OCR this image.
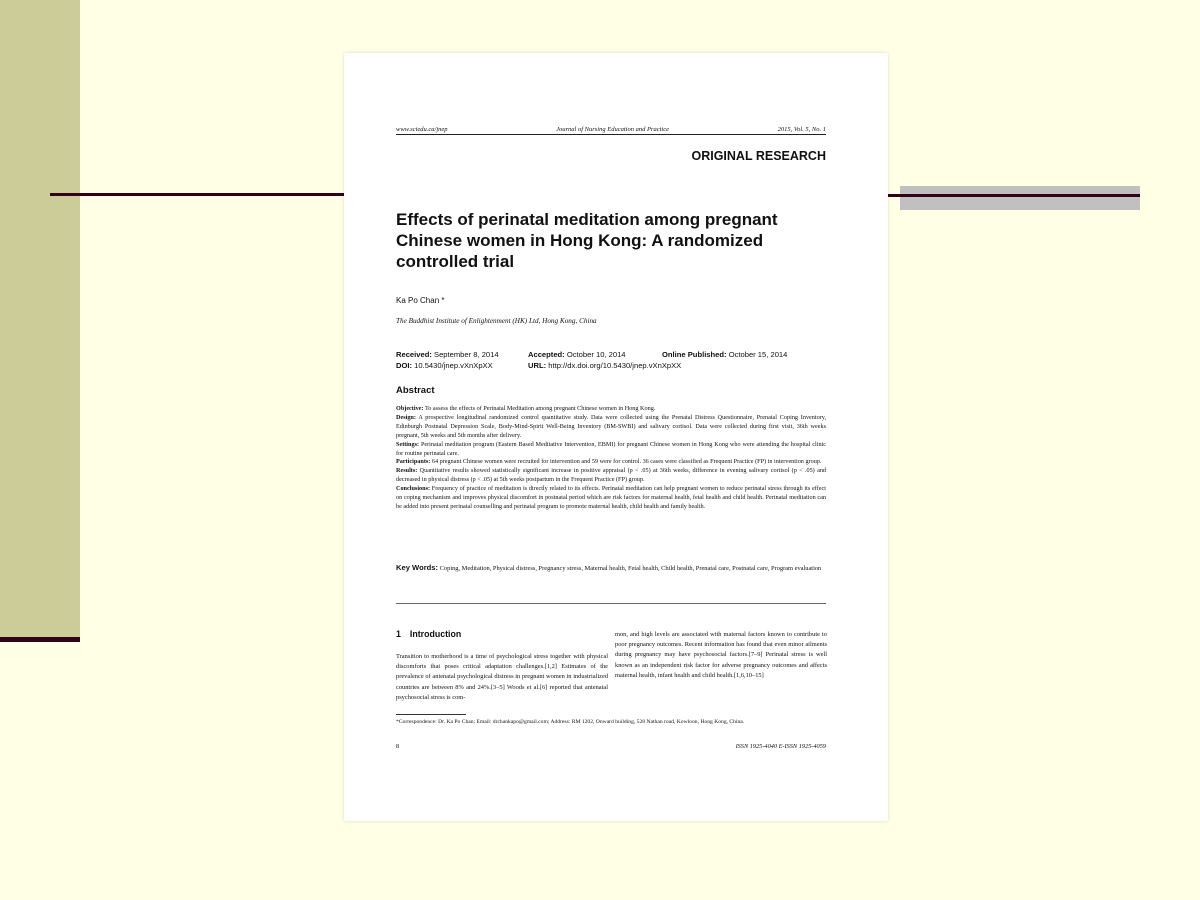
www.sciedu.ca/jnep	Journal of Nursing Education and Practice	2015, Vol. 5, No. 1
ORIGINAL RESEARCH
Effects of perinatal meditation among pregnant Chinese women in Hong Kong: A randomized controlled trial
Ka Po Chan *
The Buddhist Institute of Enlightenment (HK) Ltd, Hong Kong, China
Received: September 8, 2014	Accepted: October 10, 2014	Online Published: October 15, 2014
DOI: 10.5430/jnep.vXnXpXX	URL: http://dx.doi.org/10.5430/jnep.vXnXpXX
Abstract

Objective: To assess the effects of Perinatal Meditation among pregnant Chinese women in Hong Kong.

Design: A prospective longitudinal randomized control quantitative study. Data were collected using the Prenatal Distress Questionnaire, Prenatal Coping Inventory, Edinburgh Postnatal Depression Scale, Body-Mind-Spirit Well-Being Inventory (BM-SWBI) and salivary cortisol. Data were collected during first visit, 36th weeks pregnant, 5th weeks and 5th months after delivery.

Settings: Perinatal meditation program (Eastern Based Meditative Intervention, EBMI) for pregnant Chinese women in Hong Kong who were attending the hospital clinic for routine perinatal care.

Participants: 64 pregnant Chinese women were recruited for intervention and 59 were for control. 36 cases were classified as Frequent Practice (FP) in intervention group.

Results: Quantitative results showed statistically significant increase in positive appraisal (p < .05) at 36th weeks, difference in evening salivary cortisol (p < .05) and decreased in physical distress (p < .05) at 5th weeks postpartum in the Frequent Practice (FP) group.

Conclusions: Frequency of practice of meditation is directly related to its effects. Perinatal meditation can help pregnant women to reduce perinatal stress through its effect on coping mechanism and improves physical discomfort in postnatal period which are risk factors for maternal health, fetal health and child health. Perinatal meditation can be added into present perinatal counselling and perinatal program to promote maternal health, child health and family health.

Key Words: Coping, Meditation, Physical distress, Pregnancy stress, Maternal health, Fetal health, Child health, Prenatal care, Postnatal care, Program evaluation
1 Introduction
Transition to motherhood is a time of psychological stress together with physical discomforts that poses critical adaptation challenges.[1,2] Estimates of the prevalence of antenatal psychological distress in pregnant women in industrialized countries are between 8% and 24%.[3–5] Woods et al.[6] reported that antenatal psychosocial stress is com-
mon, and high levels are associated with maternal factors known to contribute to poor pregnancy outcomes. Recent information has found that even minor ailments during pregnancy may have psychosocial factors.[7–9] Perinatal stress is well known as an independent risk factor for adverse pregnancy outcomes and affects maternal health, infant health and child health.[1,6,10–15]
*Correspondence: Dr. Ka Po Chan; Email: drchankapo@gmail.com; Address: RM 1202, Onward building, 528 Nathan road, Kowloon, Hong Kong, China.
8	ISSN 1925-4040 E-ISSN 1925-4059
